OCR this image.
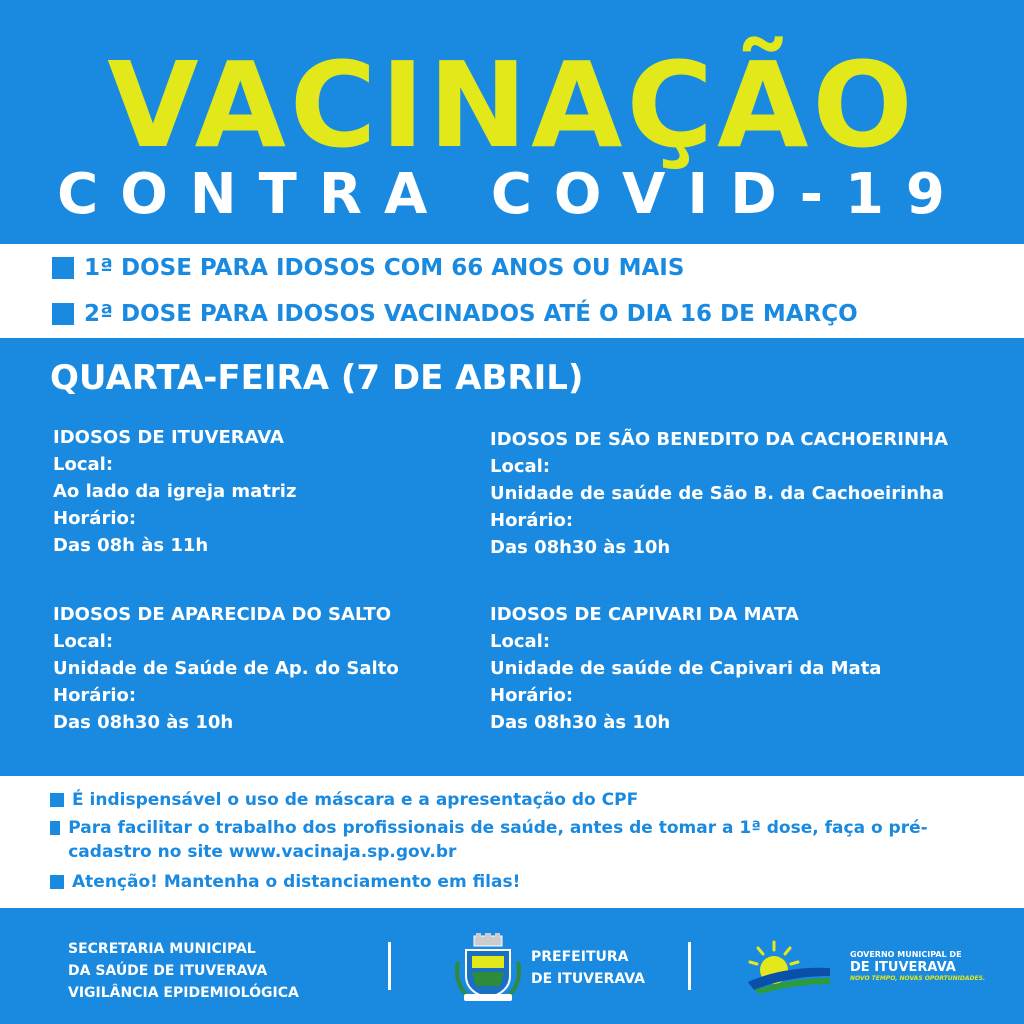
VACINAÇÃO
CONTRA COVID-19
1ª DOSE PARA IDOSOS COM 66 ANOS OU MAIS
2ª DOSE PARA IDOSOS VACINADOS ATÉ O DIA 16 DE MARÇO
QUARTA-FEIRA (7 DE ABRIL)
IDOSOS DE ITUVERAVA
Local:
Ao lado da igreja matriz
Horário:
Das 08h às 11h
IDOSOS DE SÃO BENEDITO DA CACHOERINHA
Local:
Unidade de saúde de São B. da Cachoeirinha
Horário:
Das 08h30 às 10h
IDOSOS DE APARECIDA DO SALTO
Local:
Unidade de Saúde de Ap. do Salto
Horário:
Das 08h30 às 10h
IDOSOS DE CAPIVARI DA MATA
Local:
Unidade de saúde de Capivari da Mata
Horário:
Das 08h30 às 10h
É indispensável o uso de máscara e a apresentação do CPF
Para facilitar o trabalho dos profissionais de saúde, antes de tomar a 1ª dose, faça o pré-cadastro no site www.vacinaja.sp.gov.br
Atenção! Mantenha o distanciamento em filas!
SECRETARIA MUNICIPAL
DA SAÚDE DE ITUVERAVA
VIGILÂNCIA EPIDEMIOLÓGICA
PREFEITURA
DE ITUVERAVA
GOVERNO MUNICIPAL DE
DE ITUVERAVA
NOVO TEMPO, NOVAS OPORTUNIDADES.
